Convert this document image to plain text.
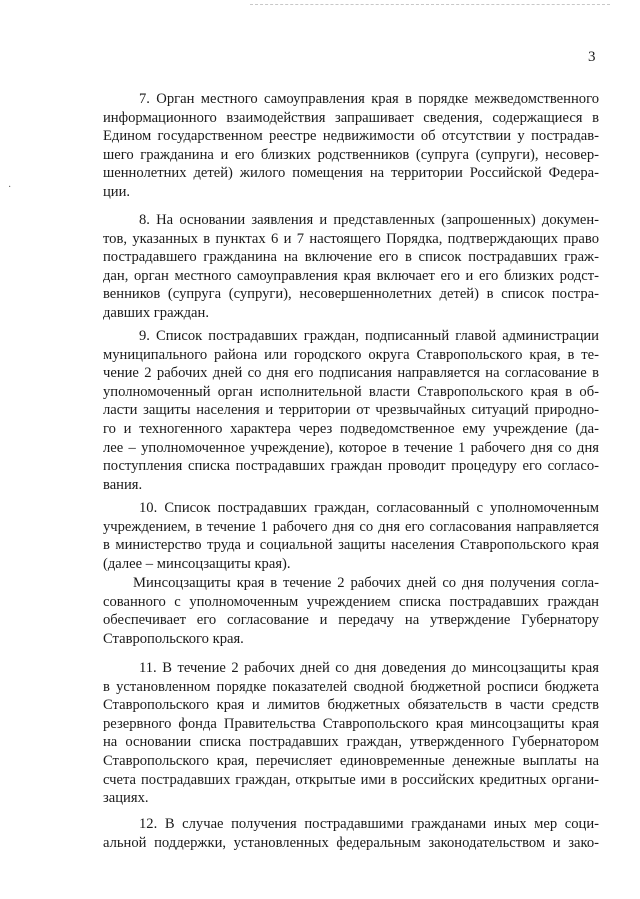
3
·
7. Орган местного самоуправления края в порядке межведомственного
информационного взаимодействия запрашивает сведения, содержащиеся в
Едином государственном реестре недвижимости об отсутствии у пострадав-
шего гражданина и его близких родственников (супруга (супруги), несовер-
шеннолетних детей) жилого помещения на территории Российской Федера-
ции.
8. На основании заявления и представленных (запрошенных) докумен-
тов, указанных в пунктах 6 и 7 настоящего Порядка, подтверждающих право
пострадавшего гражданина на включение его в список пострадавших граж-
дан, орган местного самоуправления края включает его и его близких родст-
венников (супруга (супруги), несовершеннолетних детей) в список постра-
давших граждан.
9. Список пострадавших граждан, подписанный главой администрации
муниципального района или городского округа Ставропольского края, в те-
чение 2 рабочих дней со дня его подписания направляется на согласование в
уполномоченный орган исполнительной власти Ставропольского края в об-
ласти защиты населения и территории от чрезвычайных ситуаций природно-
го и техногенного характера через подведомственное ему учреждение (да-
лее – уполномоченное учреждение), которое в течение 1 рабочего дня со дня
поступления списка пострадавших граждан проводит процедуру его согласо-
вания.
10. Список пострадавших граждан, согласованный с уполномоченным
учреждением, в течение 1 рабочего дня со дня его согласования направляется
в министерство труда и социальной защиты населения Ставропольского края
(далее – минсоцзащиты края).
Минсоцзащиты края в течение 2 рабочих дней со дня получения согла-
сованного с уполномоченным учреждением списка пострадавших граждан
обеспечивает его согласование и передачу на утверждение Губернатору
Ставропольского края.
11. В течение 2 рабочих дней со дня доведения до минсоцзащиты края
в установленном порядке показателей сводной бюджетной росписи бюджета
Ставропольского края и лимитов бюджетных обязательств в части средств
резервного фонда Правительства Ставропольского края минсоцзащиты края
на основании списка пострадавших граждан, утвержденного Губернатором
Ставропольского края, перечисляет единовременные денежные выплаты на
счета пострадавших граждан, открытые ими в российских кредитных органи-
зациях.
12. В случае получения пострадавшими гражданами иных мер соци-
альной поддержки, установленных федеральным законодательством и зако-
